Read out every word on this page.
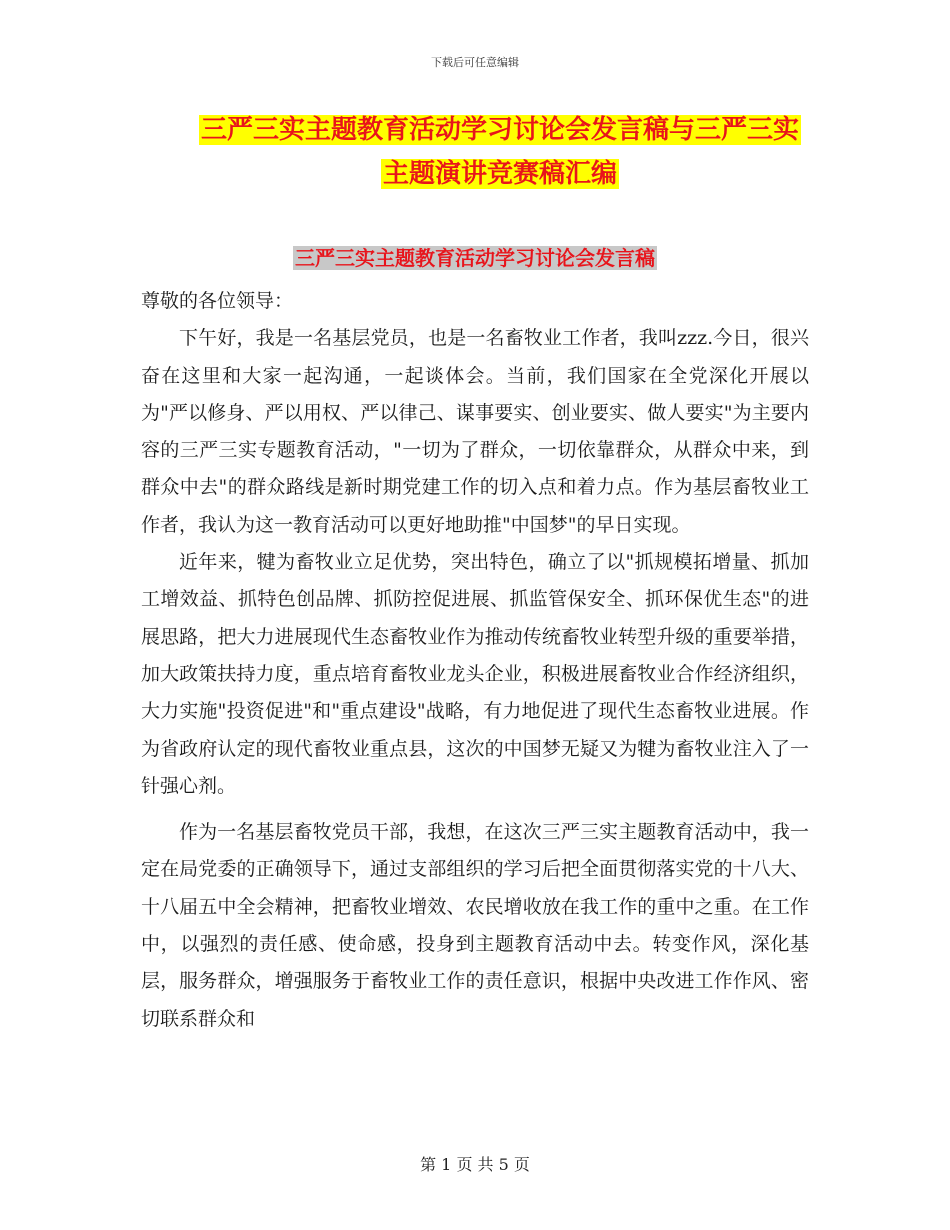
下载后可任意编辑
三严三实主题教育活动学习讨论会发言稿与三严三实
主题演讲竞赛稿汇编
三严三实主题教育活动学习讨论会发言稿

尊敬的各位领导：

下午好，我是一名基层党员，也是一名畜牧业工作者，我叫zzz.今日，很兴奋在这里和大家一起沟通，一起谈体会。当前，我们国家在全党深化开展以为"严以修身、严以用权、严以律己、谋事要实、创业要实、做人要实"为主要内容的三严三实专题教育活动，"一切为了群众，一切依靠群众，从群众中来，到群众中去"的群众路线是新时期党建工作的切入点和着力点。作为基层畜牧业工作者，我认为这一教育活动可以更好地助推"中国梦"的早日实现。

近年来，犍为畜牧业立足优势，突出特色，确立了以"抓规模拓增量、抓加工增效益、抓特色创品牌、抓防控促进展、抓监管保安全、抓环保优生态"的进展思路，把大力进展现代生态畜牧业作为推动传统畜牧业转型升级的重要举措，加大政策扶持力度，重点培育畜牧业龙头企业，积极进展畜牧业合作经济组织，大力实施"投资促进"和"重点建设"战略，有力地促进了现代生态畜牧业进展。作为省政府认定的现代畜牧业重点县，这次的中国梦无疑又为犍为畜牧业注入了一针强心剂。

作为一名基层畜牧党员干部，我想，在这次三严三实主题教育活动中，我一定在局党委的正确领导下，通过支部组织的学习后把全面贯彻落实党的十八大、十八届五中全会精神，把畜牧业增效、农民增收放在我工作的重中之重。在工作中，以强烈的责任感、使命感，投身到主题教育活动中去。转变作风，深化基层，服务群众，增强服务于畜牧业工作的责任意识，根据中央改进工作作风、密切联系群众和

第 1 页 共 5 页
